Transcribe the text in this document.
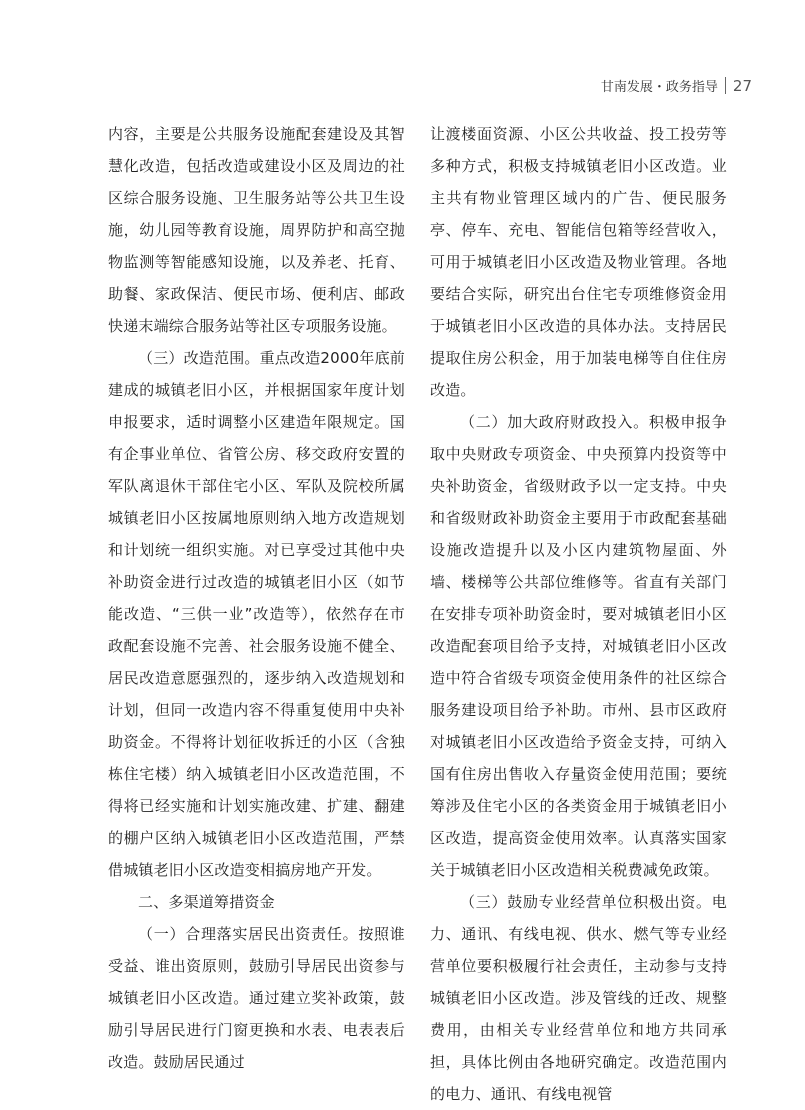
甘南发展・政务指导 27

内容，主要是公共服务设施配套建设及其智慧化改造，包括改造或建设小区及周边的社区综合服务设施、卫生服务站等公共卫生设施，幼儿园等教育设施，周界防护和高空抛物监测等智能感知设施，以及养老、托育、助餐、家政保洁、便民市场、便利店、邮政快递末端综合服务站等社区专项服务设施。

（三）改造范围。重点改造2000年底前建成的城镇老旧小区，并根据国家年度计划申报要求，适时调整小区建造年限规定。国有企事业单位、省管公房、移交政府安置的军队离退休干部住宅小区、军队及院校所属城镇老旧小区按属地原则纳入地方改造规划和计划统一组织实施。对已享受过其他中央补助资金进行过改造的城镇老旧小区（如节能改造、“三供一业”改造等），依然存在市政配套设施不完善、社会服务设施不健全、居民改造意愿强烈的，逐步纳入改造规划和计划，但同一改造内容不得重复使用中央补助资金。不得将计划征收拆迁的小区（含独栋住宅楼）纳入城镇老旧小区改造范围，不得将已经实施和计划实施改建、扩建、翻建的棚户区纳入城镇老旧小区改造范围，严禁借城镇老旧小区改造变相搞房地产开发。

二、多渠道筹措资金

（一）合理落实居民出资责任。按照谁受益、谁出资原则，鼓励引导居民出资参与城镇老旧小区改造。通过建立奖补政策，鼓励引导居民进行门窗更换和水表、电表表后改造。鼓励居民通过

让渡楼面资源、小区公共收益、投工投劳等多种方式，积极支持城镇老旧小区改造。业主共有物业管理区域内的广告、便民服务亭、停车、充电、智能信包箱等经营收入，可用于城镇老旧小区改造及物业管理。各地要结合实际，研究出台住宅专项维修资金用于城镇老旧小区改造的具体办法。支持居民提取住房公积金，用于加装电梯等自住住房改造。

（二）加大政府财政投入。积极申报争取中央财政专项资金、中央预算内投资等中央补助资金，省级财政予以一定支持。中央和省级财政补助资金主要用于市政配套基础设施改造提升以及小区内建筑物屋面、外墙、楼梯等公共部位维修等。省直有关部门在安排专项补助资金时，要对城镇老旧小区改造配套项目给予支持，对城镇老旧小区改造中符合省级专项资金使用条件的社区综合服务建设项目给予补助。市州、县市区政府对城镇老旧小区改造给予资金支持，可纳入国有住房出售收入存量资金使用范围；要统筹涉及住宅小区的各类资金用于城镇老旧小区改造，提高资金使用效率。认真落实国家关于城镇老旧小区改造相关税费减免政策。

（三）鼓励专业经营单位积极出资。电力、通讯、有线电视、供水、燃气等专业经营单位要积极履行社会责任，主动参与支持城镇老旧小区改造。涉及管线的迁改、规整费用，由相关专业经营单位和地方共同承担，具体比例由各地研究确定。改造范围内的电力、通讯、有线电视管
